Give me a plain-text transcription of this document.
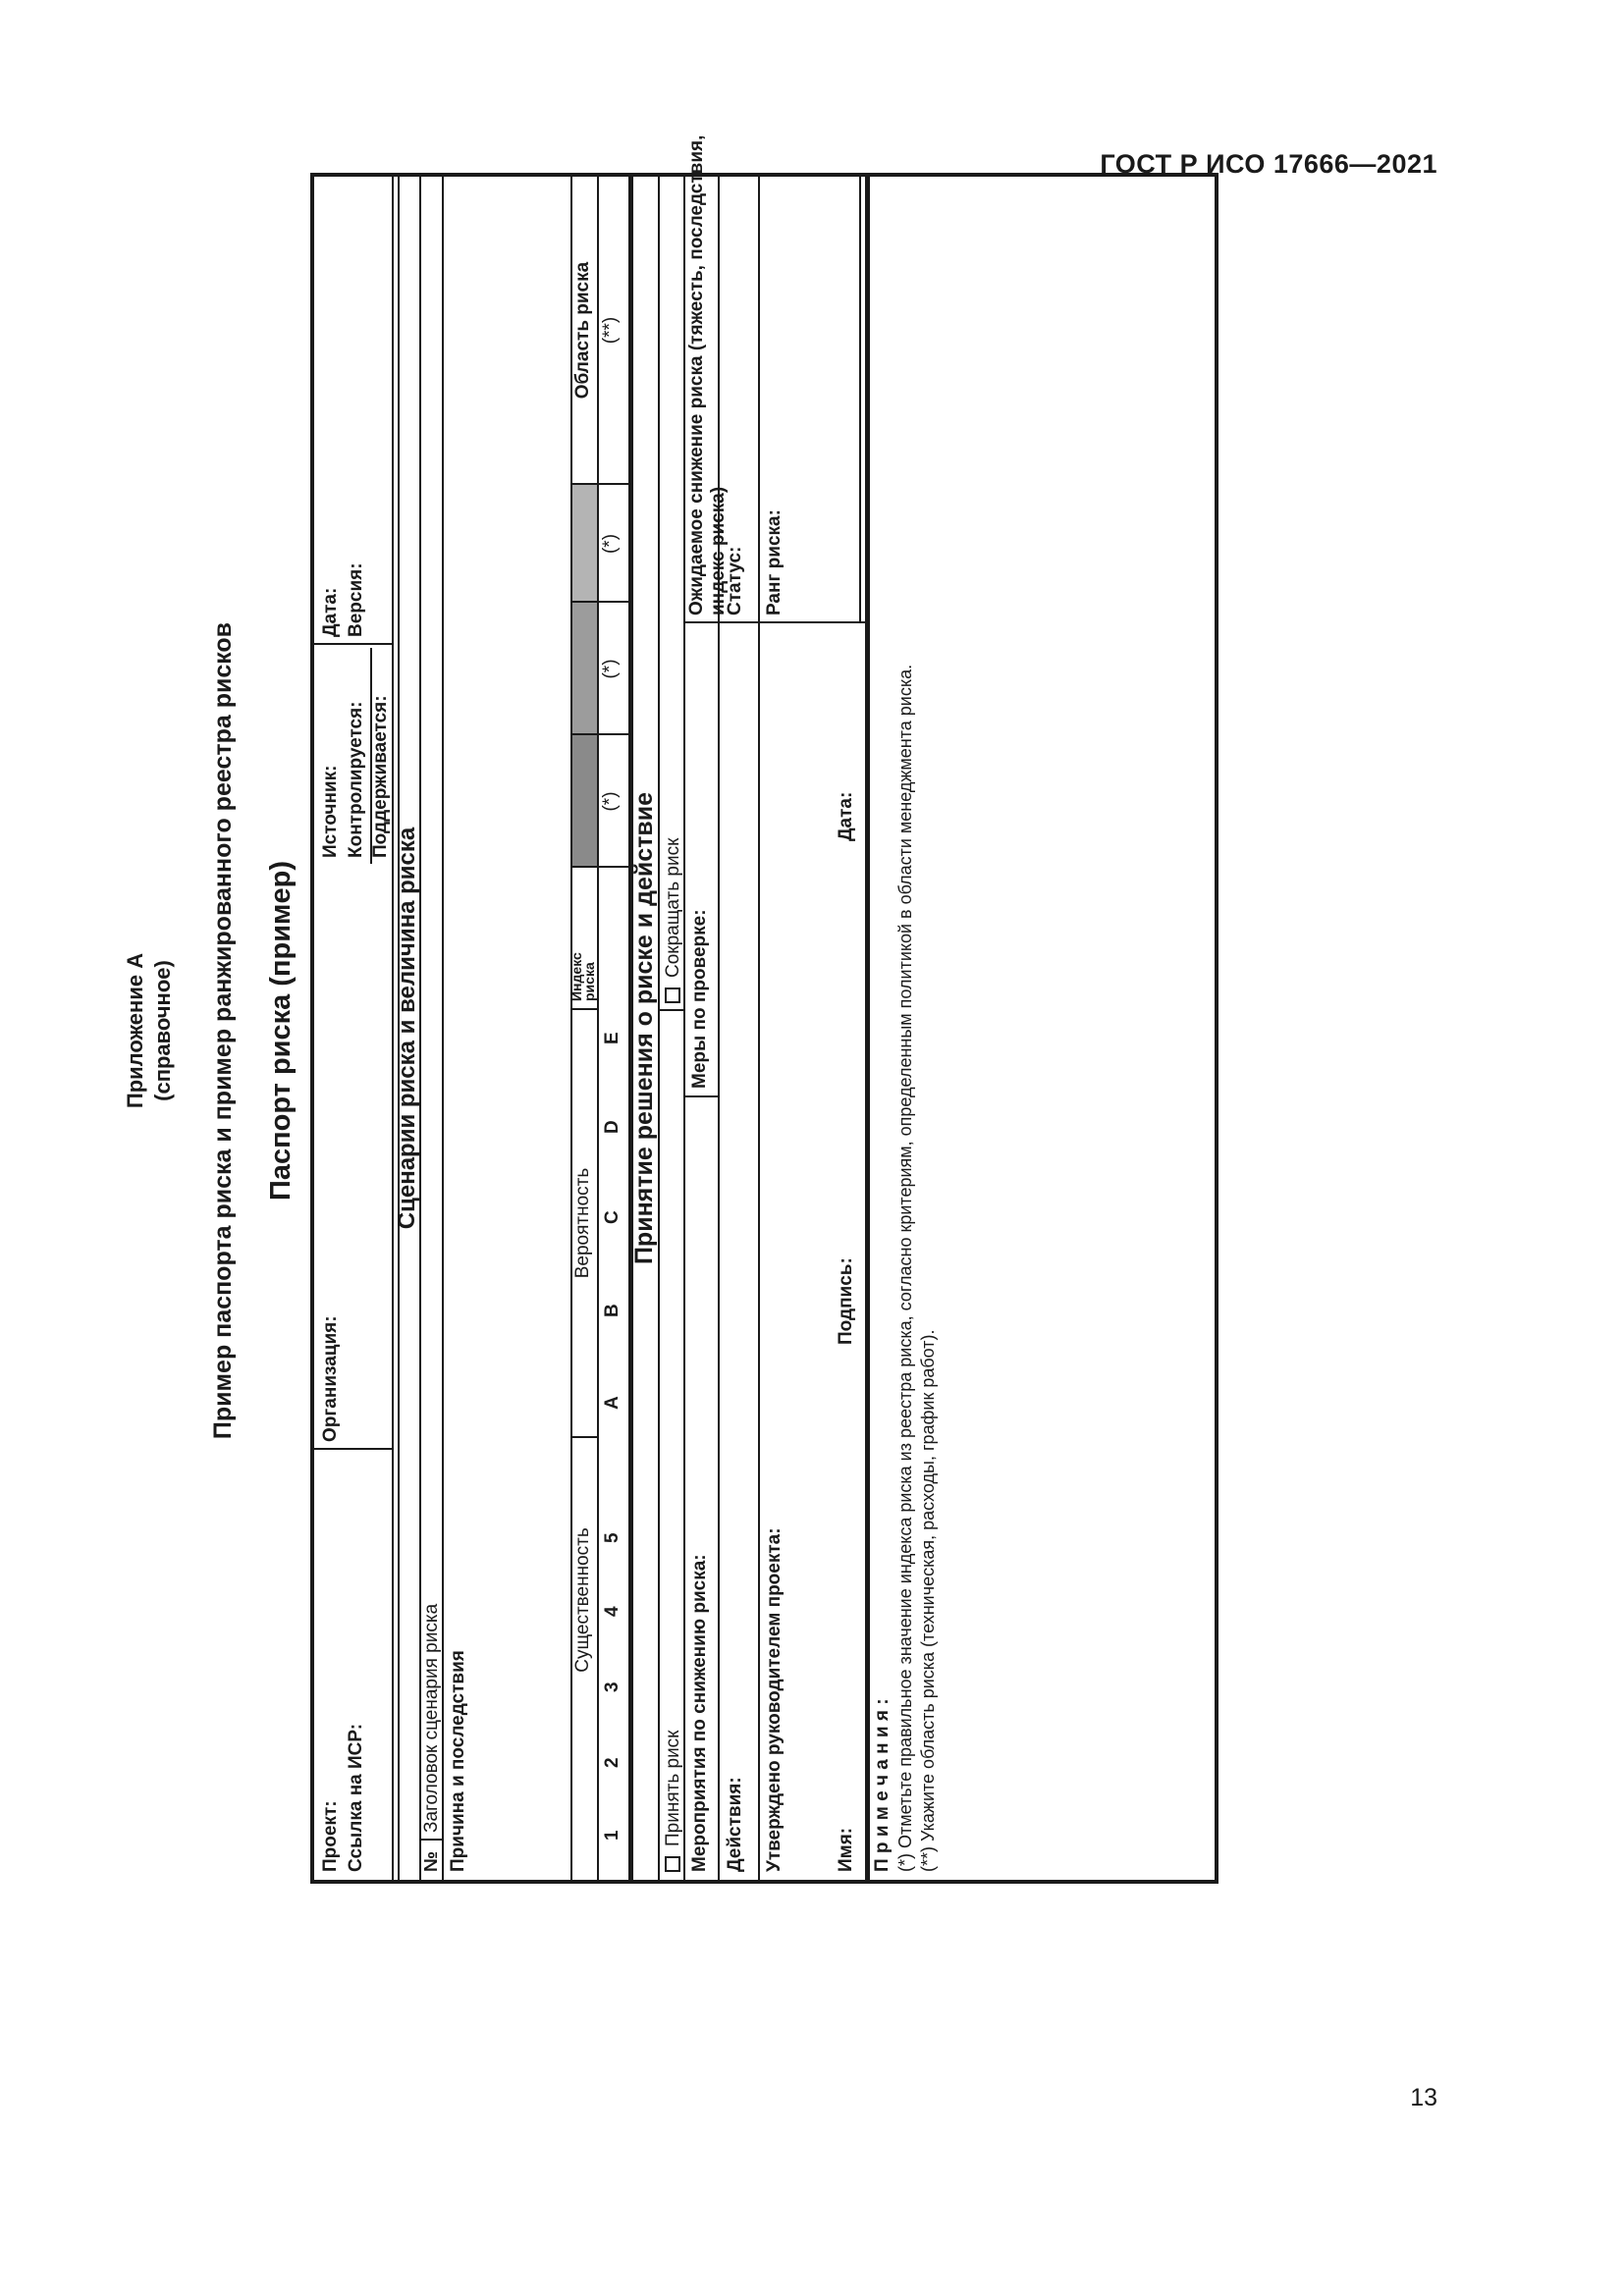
ГОСТ Р ИСО 17666—2021
Приложение А (справочное) Пример паспорта риска и пример ранжированного реестра рисков Паспорт риска (пример)
Проект: Ссылка на ИСР:
Организация:
Источник: Контролируется: Поддерживается:
Дата: Версия:
Сценарии риска и величина риска
№
Заголовок сценария риска Причина и последствия
Существенность
Вероятность
Индекс
риска
Область риска
1
2
3
4
5
A
B
C
D
E
(*)
(*)
(*)
(**)
Принятие решения о риске и действие
Принять риск
Сокращать риск
Мероприятия по снижению риска:
Меры по проверке:
Ожидаемое снижение риска (тяжесть, последствия,
индекс риска)
Действия:
Статус:
Утверждено руководителем проекта:
Ранг риска:
Имя:
Подпись:
Дата:
П р и м е ч а н и я : (*) Отметьте правильное значение индекса риска из реестра риска, согласно критериям, определенным политикой в области менеджмента риска. (**) Укажите область риска (техническая, расходы, график работ).
13
